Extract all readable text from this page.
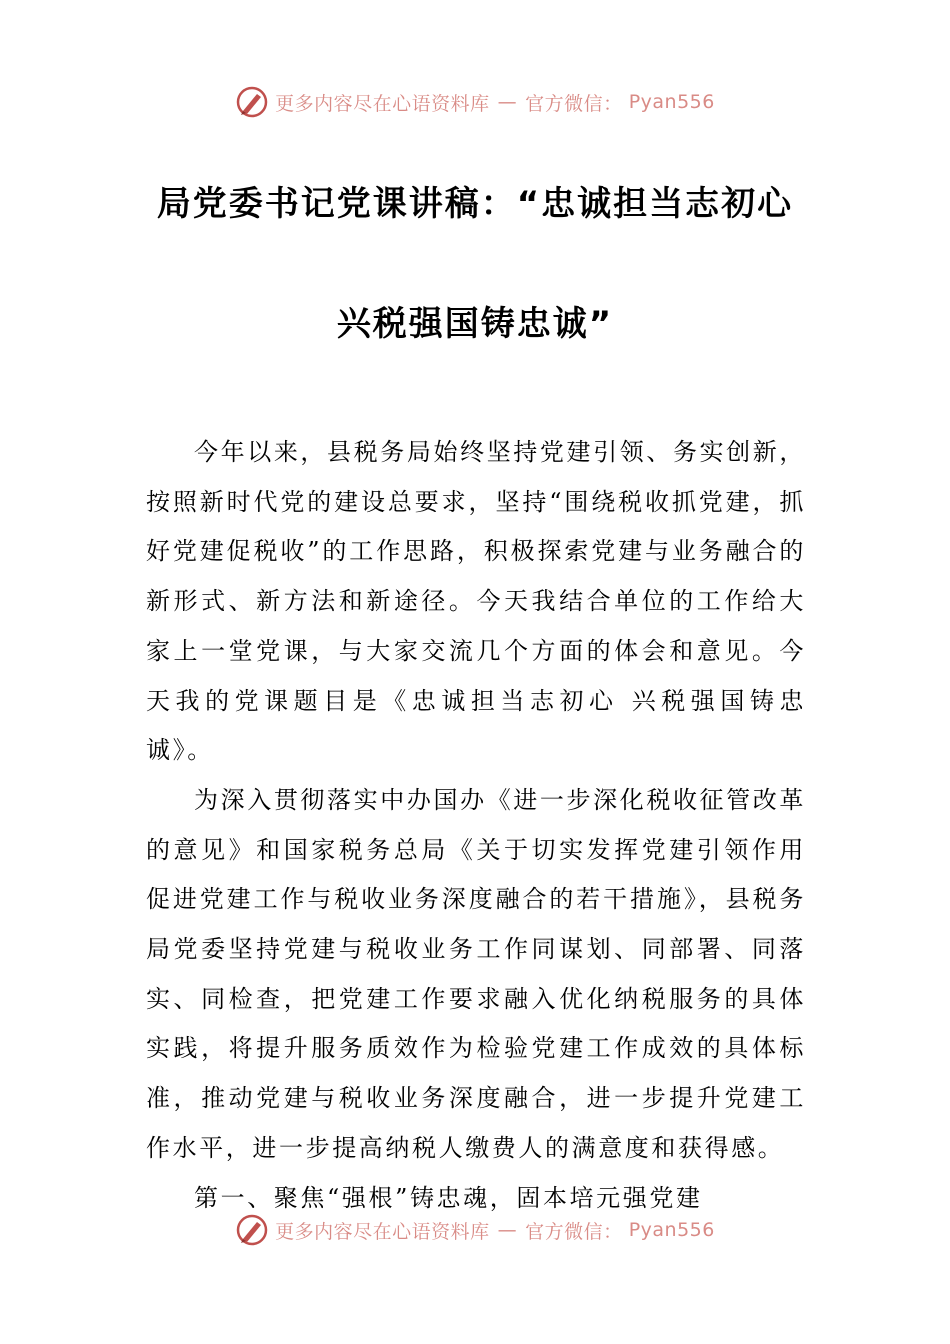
更多内容尽在心语资料库 — 官方微信： Pyan556
局党委书记党课讲稿：“忠诚担当志初心
兴税强国铸忠诚”

今年以来，县税务局始终坚持党建引领、务实创新，按照新时代党的建设总要求，坚持“围绕税收抓党建，抓好党建促税收”的工作思路，积极探索党建与业务融合的新形式、新方法和新途径。今天我结合单位的工作给大家上一堂党课，与大家交流几个方面的体会和意见。今天我的党课题目是《忠诚担当志初心 兴税强国铸忠诚》。

为深入贯彻落实中办国办《进一步深化税收征管改革的意见》和国家税务总局《关于切实发挥党建引领作用促进党建工作与税收业务深度融合的若干措施》，县税务局党委坚持党建与税收业务工作同谋划、同部署、同落实、同检查，把党建工作要求融入优化纳税服务的具体实践，将提升服务质效作为检验党建工作成效的具体标准，推动党建与税收业务深度融合，进一步提升党建工作水平，进一步提高纳税人缴费人的满意度和获得感。

第一、聚焦“强根”铸忠魂，固本培元强党建

更多内容尽在心语资料库 — 官方微信： Pyan556
